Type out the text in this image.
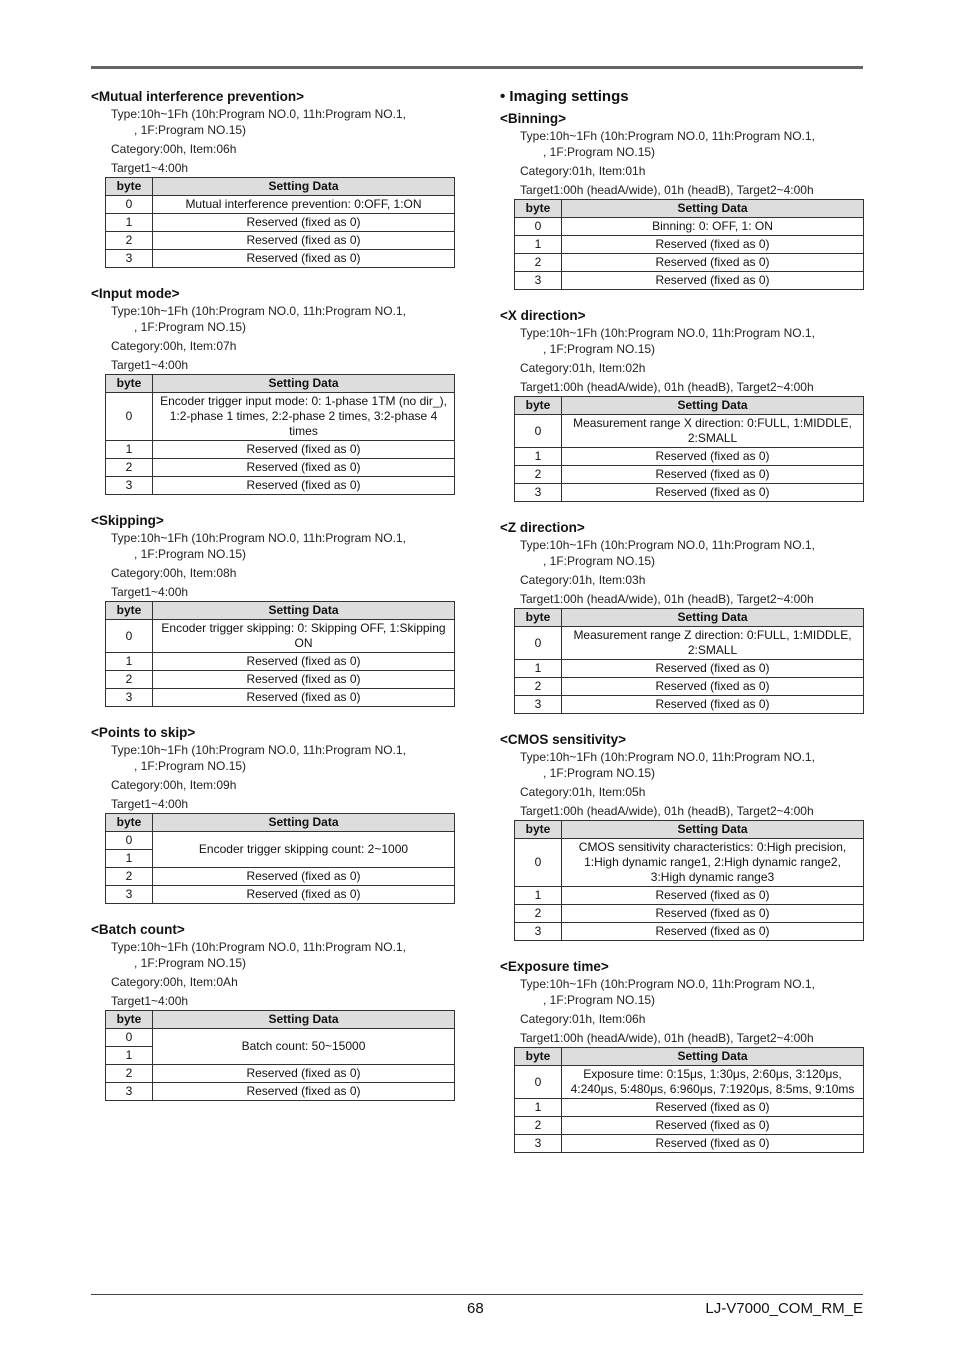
<Mutual interference prevention>
Type:10h~1Fh (10h:Program NO.0, 11h:Program NO.1,
, 1F:Program NO.15)
Category:00h, Item:06h
Target1~4:00h
byte	Setting Data
0	Mutual interference prevention: 0:OFF, 1:ON
1	Reserved (fixed as 0)
2	Reserved (fixed as 0)
3	Reserved (fixed as 0)
<Input mode>
Type:10h~1Fh (10h:Program NO.0, 11h:Program NO.1,
, 1F:Program NO.15)
Category:00h, Item:07h
Target1~4:00h
byte	Setting Data
0	Encoder trigger input mode: 0: 1-phase 1TM (no dir_), 1:2-phase 1 times, 2:2-phase 2 times, 3:2-phase 4 times
1	Reserved (fixed as 0)
2	Reserved (fixed as 0)
3	Reserved (fixed as 0)
<Skipping>
Type:10h~1Fh (10h:Program NO.0, 11h:Program NO.1,
, 1F:Program NO.15)
Category:00h, Item:08h
Target1~4:00h
byte	Setting Data
0	Encoder trigger skipping: 0: Skipping OFF, 1:Skipping ON
1	Reserved (fixed as 0)
2	Reserved (fixed as 0)
3	Reserved (fixed as 0)
<Points to skip>
Type:10h~1Fh (10h:Program NO.0, 11h:Program NO.1,
, 1F:Program NO.15)
Category:00h, Item:09h
Target1~4:00h
byte	Setting Data
0	Encoder trigger skipping count: 2~1000
1	
2	Reserved (fixed as 0)
3	Reserved (fixed as 0)
<Batch count>
Type:10h~1Fh (10h:Program NO.0, 11h:Program NO.1,
, 1F:Program NO.15)
Category:00h, Item:0Ah
Target1~4:00h
byte	Setting Data
0	Batch count: 50~15000
1	
2	Reserved (fixed as 0)
3	Reserved (fixed as 0)
• Imaging settings
<Binning>
Type:10h~1Fh (10h:Program NO.0, 11h:Program NO.1,
, 1F:Program NO.15)
Category:01h, Item:01h
Target1:00h (headA/wide), 01h (headB), Target2~4:00h
byte	Setting Data
0	Binning: 0: OFF, 1: ON
1	Reserved (fixed as 0)
2	Reserved (fixed as 0)
3	Reserved (fixed as 0)
<X direction>
Type:10h~1Fh (10h:Program NO.0, 11h:Program NO.1,
, 1F:Program NO.15)
Category:01h, Item:02h
Target1:00h (headA/wide), 01h (headB), Target2~4:00h
byte	Setting Data
0	Measurement range X direction: 0:FULL, 1:MIDDLE, 2:SMALL
1	Reserved (fixed as 0)
2	Reserved (fixed as 0)
3	Reserved (fixed as 0)
<Z direction>
Type:10h~1Fh (10h:Program NO.0, 11h:Program NO.1,
, 1F:Program NO.15)
Category:01h, Item:03h
Target1:00h (headA/wide), 01h (headB), Target2~4:00h
byte	Setting Data
0	Measurement range Z direction: 0:FULL, 1:MIDDLE, 2:SMALL
1	Reserved (fixed as 0)
2	Reserved (fixed as 0)
3	Reserved (fixed as 0)
<CMOS sensitivity>
Type:10h~1Fh (10h:Program NO.0, 11h:Program NO.1,
, 1F:Program NO.15)
Category:01h, Item:05h
Target1:00h (headA/wide), 01h (headB), Target2~4:00h
byte	Setting Data
0	CMOS sensitivity characteristics: 0:High precision, 1:High dynamic range1, 2:High dynamic range2, 3:High dynamic range3
1	Reserved (fixed as 0)
2	Reserved (fixed as 0)
3	Reserved (fixed as 0)
<Exposure time>
Type:10h~1Fh (10h:Program NO.0, 11h:Program NO.1,
, 1F:Program NO.15)
Category:01h, Item:06h
Target1:00h (headA/wide), 01h (headB), Target2~4:00h
byte	Setting Data
0	Exposure time: 0:15μs, 1:30μs, 2:60μs, 3:120μs, 4:240μs, 5:480μs, 6:960μs, 7:1920μs, 8:5ms, 9:10ms
1	Reserved (fixed as 0)
2	Reserved (fixed as 0)
3	Reserved (fixed as 0)
68	LJ-V7000_COM_RM_E
